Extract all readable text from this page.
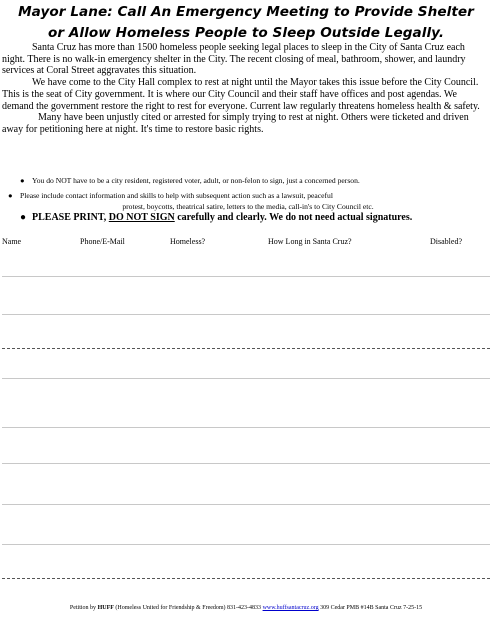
Mayor Lane: Call An Emergency Meeting to Provide Shelter
or Allow Homeless People to Sleep Outside Legally.

Santa Cruz has more than 1500 homeless people seeking legal places to sleep in the City of Santa Cruz each night. There is no walk-in emergency shelter in the City. The recent closing of meal, bathroom, shower, and laundry services at Coral Street aggravates this situation.

We have come to the City Hall complex to rest at night until the Mayor takes this issue before the City Council. This is the seat of City government. It is where our City Council and their staff have offices and post agendas. We demand the government restore the right to rest for everyone. Current law regularly threatens homeless health & safety.

Many have been unjustly cited or arrested for simply trying to rest at night. Others were ticketed and driven away for petitioning here at night. It's time to restore basic rights.

● You do NOT have to be a city resident, registered voter, adult, or non-felon to sign, just a concerned person.
● Please include contact information and skills to help with subsequent action such as a lawsuit, peaceful
protest, boycotts, theatrical satire, letters to the media, call-in's to City Council etc.
● PLEASE PRINT, DO NOT SIGN carefully and clearly. We do not need actual signatures.
Name	Phone/E-Mail	Homeless?	How Long in Santa Cruz?	Disabled?
Petition by HUFF (Homeless United for Friendship & Freedom) 831-423-4833 www.huffsantacruz.org 309 Cedar PMB #14B Santa Cruz 7-25-15
